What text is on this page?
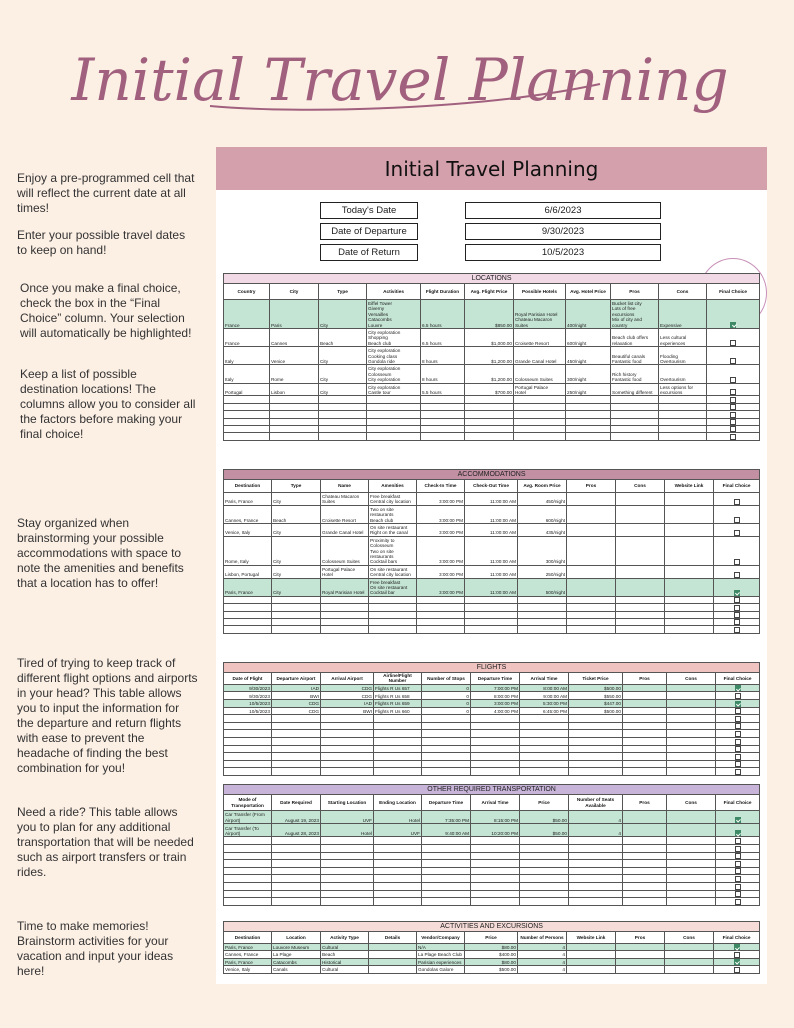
Initial Travel Planning
Enjoy a pre-programmed cell that will reflect the current date at all times!
Enter your possible travel dates to keep on hand!
Once you make a final choice, check the box in the “Final Choice” column. Your selection will automatically be highlighted!
Keep a list of possible destination locations! The columns allow you to consider all the factors before making your final choice!
Stay organized when brainstorming your possible accommodations with space to note the amenities and benefits that a location has to offer!
Tired of trying to keep track of different flight options and airports in your head? This table allows you to input the information for the departure and return flights with ease to prevent the headache of finding the best combination for you!
Need a ride? This table allows you to plan for any additional transportation that will be needed such as airport transfers or train rides.
Time to make memories! Brainstorm activities for your vacation and input your ideas here!
Initial Travel Planning
Today's Date	6/6/2023
Date of Departure	9/30/2023
Date of Return	10/5/2023
LOCATIONS										
Country	City	Type	Activities	Flight Duration	Avg. Flight Price	Possible Hotels	Avg. Hotel Price	Pros	Cons	Final Choice
France	Paris	City	Eiffel Tower
Giverny
Versailles
Catacombs
Louvre	6.5 hours	$850.00	Royal Parisian Hotel
Chateau Macaron
Suites	400/night	Bucket list city
Lots of free
excursions
Mix of city and
country	Expensive	
France	Cannes	Beach	City exploration
Shopping
Beach club	6.5 hours	$1,000.00	Croisette Resort	600/night	Beach club offers
relaxation	Less cultural
experiences	
Italy	Venice	City	City exploration
Cooking class
Gondola ride	8 hours	$1,200.00	Grande Canal Hotel	450/night	Beautiful canals
Fantastic food	Flooding
Overtourism	
Italy	Rome	City	City exploration
Colosseum
City exploration	8 hours	$1,200.00	Colosseum Suites	300/night	Rich history
Fantastic food	Overtourism	
Portugal	Lisbon	City	City exploration
Castle tour	5.5 hours	$700.00	Portugal Palace
Hotel	250/night	Something different	Less options for
excursions	

ACCOMMODATIONS										
Destination	Type	Name	Amenities	Check-In Time	Check-Out Time	Avg. Room Price	Pros	Cons	Website Link	Final Choice
Paris, France	City	Chateau Macaron
Suites	Free breakfast
Central city location	3:00:00 PM	11:00:00 AM	450/night				
Cannes, France	Beach	Croisette Resort	Two on site
restaurants
Beach club	3:00:00 PM	11:00:00 AM	600/night				
Venice, Italy	City	Grande Canal Hotel	On site restaurant
Right on the canal	3:00:00 PM	11:00:00 AM	435/night				
Rome, Italy	City	Colosseum Suites	Proximity to
Colosseum
Two on site
restaurants
Cocktail bars	3:00:00 PM	11:00:00 AM	300/night				
Lisbon, Portugal	City	Portugal Palace
Hotel	On site restaurant
Central city location	3:00:00 PM	11:00:00 AM	250/night				
Paris, France	City	Royal Parisian Hotel	Free breakfast
On site restaurant
Cocktail bar	3:00:00 PM	11:00:00 AM	500/night				

FLIGHTS										
Date of Flight	Departure Airport	Arrival Airport	Airline/Flight Number	Number of Stops	Departure Time	Arrival Time	Ticket Price	Pros	Cons	Final Choice
9/30/2023	IAD	CDG	Flights R Us 657	0	7:00:00 PM	8:00:00 AM	$500.00			
9/30/2023	BWI	CDG	Flights R Us 658	0	8:00:00 PM	9:00:00 AM	$550.00			
10/5/2023	CDG	IAD	Flights R Us 659	0	3:00:00 PM	5:30:00 PM	$447.00			
10/5/2023	CDG	BWI	Flights R Us 660	0	4:00:00 PM	6:45:00 PM	$500.00			

OTHER REQUIRED TRANSPORTATION										
Mode of Transportation	Date Required	Starting Location	Ending Location	Departure Time	Arrival Time	Price	Number of Seats Available	Pros	Cons	Final Choice
Car Transfer (From
Airport)	August 19, 2023	UVF	Hotel	7:35:00 PM	8:15:00 PM	$50.00	4			
Car Transfer (To
Airport)	August 28, 2023	Hotel	UVF	9:40:00 AM	10:20:00 PM	$50.00	4			

ACTIVITIES AND EXCURSIONS										
Destination	Location	Activity Type	Details	Vendor/Company	Price	Number of Persons	Website Link	Pros	Cons	Final Choice
Paris, France	Louvore Museum	Cultural		N/A	$80.00	4				
Cannes, France	La Plage	Beach		La Plage Beach Club	$400.00	4				
Paris, France	Catacombs	Historical		Parisian experiences	$80.00	4				
Venice, Italy	Canals	Cultural		Gondolas Galore	$500.00	4				
